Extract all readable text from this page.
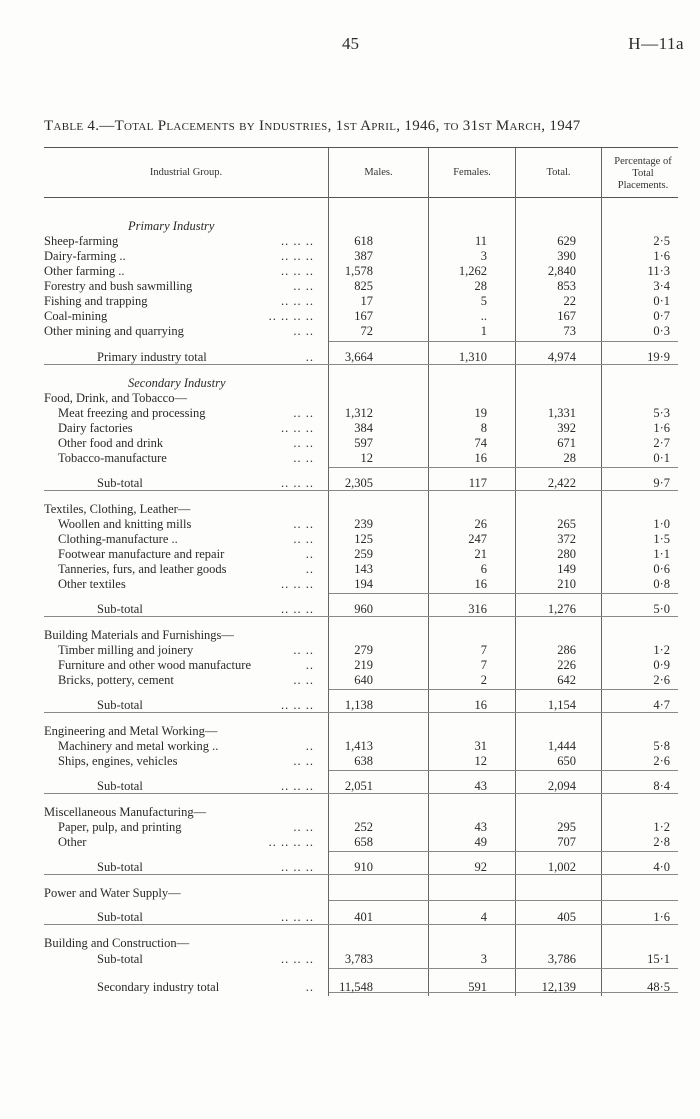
45	H—11a
Table 4.—Total Placements by Industries, 1st April, 1946, to 31st March, 1947
Industrial Group.	Males.	Females.	Total.
Percentage of Total Placements.
Primary Industry
Sheep-farming	.. .. ..	618	11	629	2·5
Dairy-farming ..	.. .. ..	387	3	390	1·6
Other farming ..	.. .. .. 1,578	1,262	2,840	11·3
Forestry and bush sawmilling	.. ..	825	28	853	3·4
Fishing and trapping	.. .. ..	17	5	22	0·1
Coal-mining	.. .. .. ..	167	..	167	0·7
Other mining and quarrying	.. ..	72	1	73	0·3
Primary industry total	.. 3,664	1,310	4,974	19·9
Secondary Industry
Food, Drink, and Tobacco—
Meat freezing and processing	.. .. 1,312	19	1,331	5·3
Dairy factories	.. .. ..	384	8	392	1·6
Other food and drink	.. ..	597	74	671	2·7
Tobacco-manufacture	.. ..	12	16	28	0·1
Sub-total	.. .. .. 2,305	117	2,422	9·7
Textiles, Clothing, Leather—
Woollen and knitting mills	.. ..	239	26	265	1·0
Clothing-manufacture ..	.. ..	125	247	372	1·5
Footwear manufacture and repair	..	259	21	280	1·1
Tanneries, furs, and leather goods	..	143	6	149	0·6
Other textiles	.. .. ..	194	16	210	0·8
Sub-total	.. .. ..	960	316	1,276	5·0
Building Materials and Furnishings—
Timber milling and joinery	.. ..	279	7	286	1·2
Furniture and other wood manufacture	..	219	7	226	0·9
Bricks, pottery, cement	.. ..	640	2	642	2·6
Sub-total	.. .. .. 1,138	16	1,154	4·7
Engineering and Metal Working—
Machinery and metal working ..	.. 1,413	31	1,444	5·8
Ships, engines, vehicles	.. ..	638	12	650	2·6
Sub-total	.. .. .. 2,051	43	2,094	8·4
Miscellaneous Manufacturing—
Paper, pulp, and printing	.. ..	252	43	295	1·2
Other	.. .. .. ..	658	49	707	2·8
Sub-total	.. .. ..	910	92	1,002	4·0
Power and Water Supply—
Sub-total	.. .. ..	401	4	405	1·6
Building and Construction—
Sub-total	.. .. .. 3,783	3	3,786	15·1
Secondary industry total	.. 11,548	591	12,139	48·5
